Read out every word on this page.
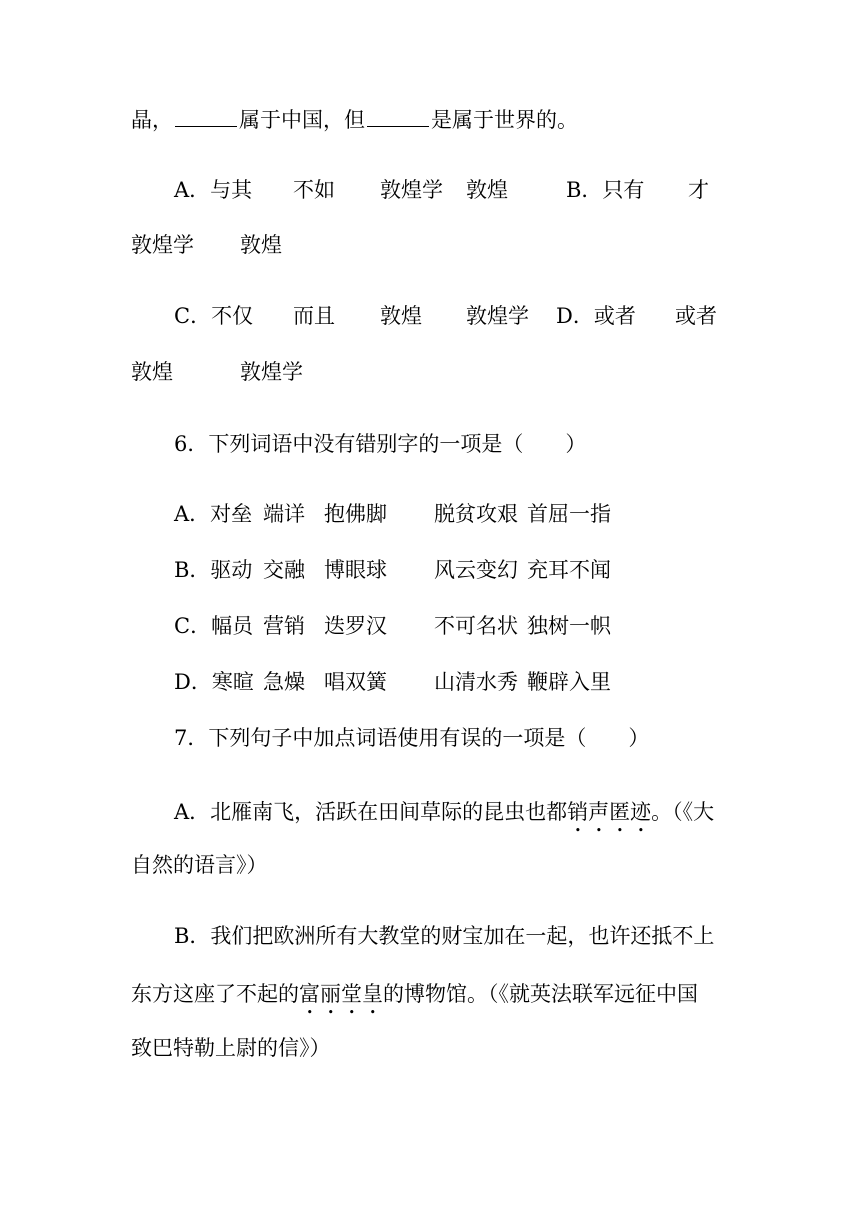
晶，	属于中国，但	是属于世界的。
A．与其 不如 敦煌学 敦煌	B．只有 才
敦煌学 敦煌
C．不仅 而且 敦煌 敦煌学 D．或者 或者
敦煌	敦煌学
6．下列词语中没有错别字的一项是（　　）
A．对垒 端详 抱佛脚 脱贫攻艰 首屈一指
B．驱动 交融 博眼球 风云变幻 充耳不闻
C．幅员 营销 迭罗汉 不可名状 独树一帜
D．寒暄 急燥 唱双簧 山清水秀 鞭辟入里
7．下列句子中加点词语使用有误的一项是（　　）
A．北雁南飞，活跃在田间草际的昆虫也都销声匿迹。（《大
自然的语言》）
B．我们把欧洲所有大教堂的财宝加在一起，也许还抵不上
东方这座了不起的富丽堂皇的博物馆。（《就英法联军远征中国
致巴特勒上尉的信》）
